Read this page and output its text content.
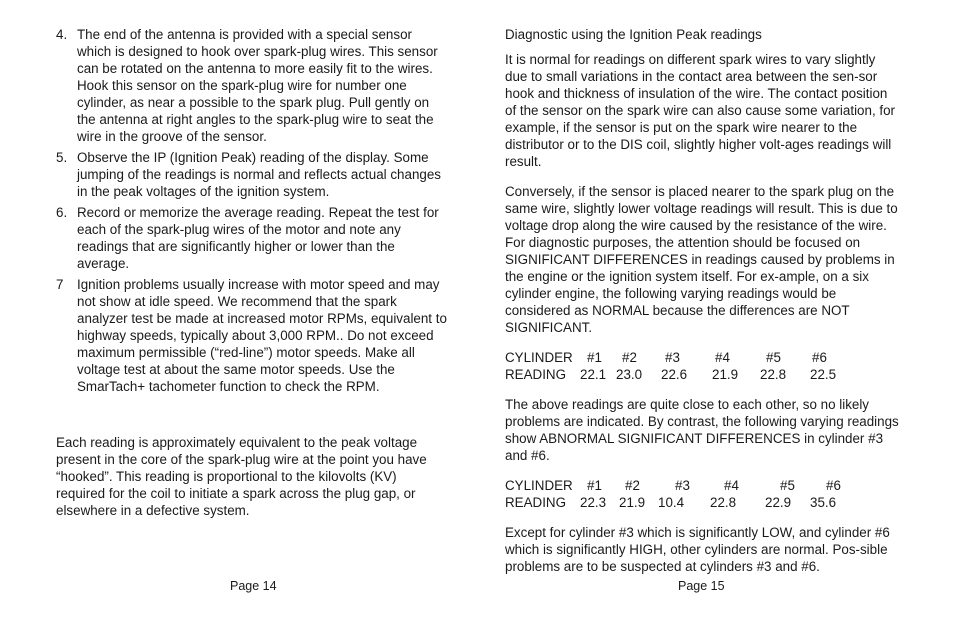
4. The end of the antenna is provided with a special sensor which is designed to hook over spark-plug wires. This sensor can be rotated on the antenna to more easily fit to the wires. Hook this sensor on the spark-plug wire for number one cylinder, as near a possible to the spark plug. Pull gently on the antenna at right angles to the spark-plug wire to seat the wire in the groove of the sensor.
5. Observe the IP (Ignition Peak) reading of the display. Some jumping of the readings is normal and reflects actual changes in the peak voltages of the ignition system.
6. Record or memorize the average reading. Repeat the test for each of the spark-plug wires of the motor and note any readings that are significantly higher or lower than the average.
7 Ignition problems usually increase with motor speed and may not show at idle speed. We recommend that the spark analyzer test be made at increased motor RPMs, equivalent to highway speeds, typically about 3,000 RPM.. Do not exceed maximum permissible (“red-line”) motor speeds. Make all voltage test at about the same motor speeds. Use the SmarTach+ tachometer function to check the RPM.

Each reading is approximately equivalent to the peak voltage present in the core of the spark-plug wire at the point you have “hooked”. This reading is proportional to the kilovolts (KV) required for the coil to initiate a spark across the plug gap, or elsewhere in a defective system.

Page 14

Diagnostic using the Ignition Peak readings

It is normal for readings on different spark wires to vary slightly due to small variations in the contact area between the sen-sor hook and thickness of insulation of the wire. The contact position of the sensor on the spark wire can also cause some variation, for example, if the sensor is put on the spark wire nearer to the distributor or to the DIS coil, slightly higher volt-ages readings will result.

Conversely, if the sensor is placed nearer to the spark plug on the same wire, slightly lower voltage readings will result. This is due to voltage drop along the wire caused by the resistance of the wire. For diagnostic purposes, the attention should be focused on SIGNIFICANT DIFFERENCES in readings caused by problems in the engine or the ignition system itself. For ex-ample, on a six cylinder engine, the following varying readings would be considered as NORMAL because the differences are NOT SIGNIFICANT.

CYLINDER	#1	#2	#3	#4	#5	#6
READING	22.1 23.0	22.6	21.9	22.8	22.5

The above readings are quite close to each other, so no likely problems are indicated. By contrast, the following varying readings show ABNORMAL SIGNIFICANT DIFFERENCES in cylinder #3 and #6.

CYLINDER	#1	#2	#3	#4	#5	#6
READING	22.3 21.9 10.4	22.8	22.9	35.6

Except for cylinder #3 which is significantly LOW, and cylinder #6 which is significantly HIGH, other cylinders are normal. Pos-sible problems are to be suspected at cylinders #3 and #6.

Page 15
